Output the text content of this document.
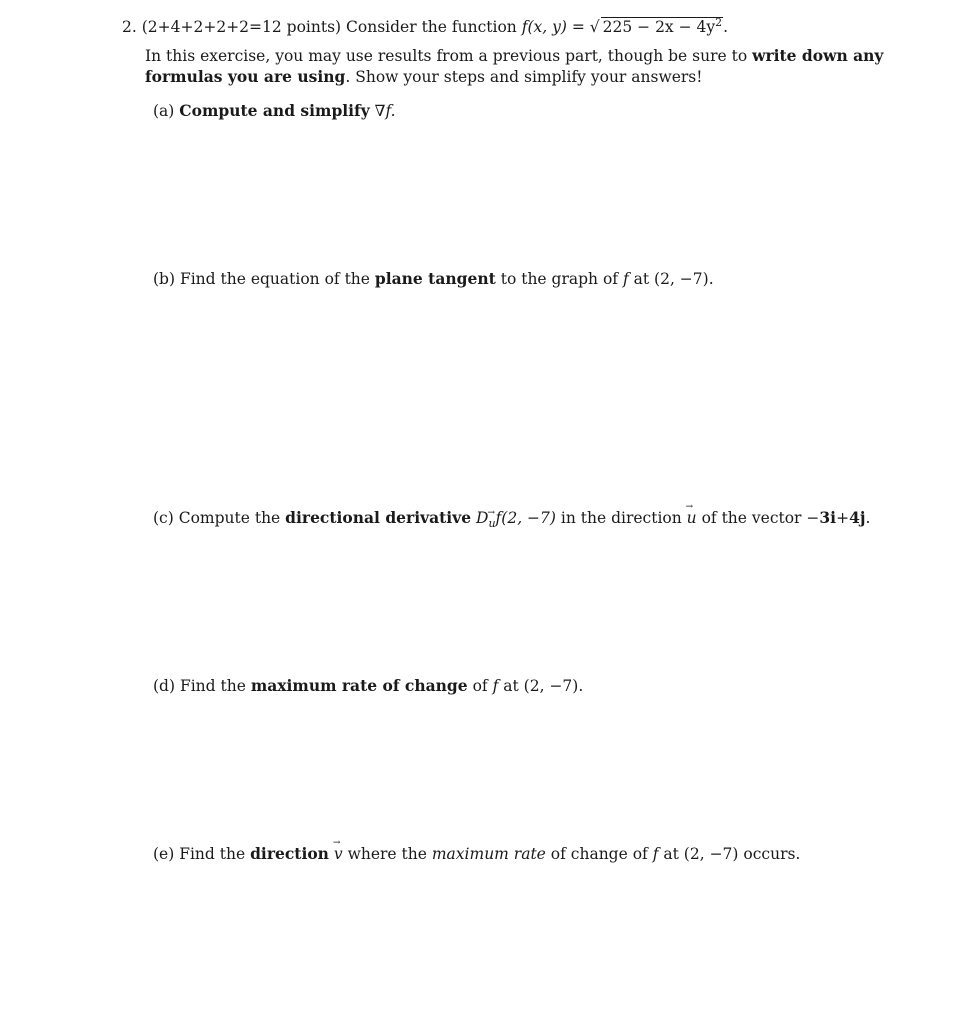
2. (2+4+2+2+2=12 points) Consider the function f(x, y) = √ $225 - 2x - 4y^2$.
In this exercise, you may use results from a previous part, though be sure to write down any
formulas you are using. Show your steps and simplify your answers!
(a) Compute and simplify ∇f.
(b) Find the equation of the plane tangent to the graph of f at (2, −7).
(c) Compute the directional derivative $D_uf(2$, −7) in the direction → u of the vector −3i+4j.
(d) Find the maximum rate of change of f at (2, −7).
(e) Find the direction → v where the maximum rate of change of f at (2, −7) occurs.
